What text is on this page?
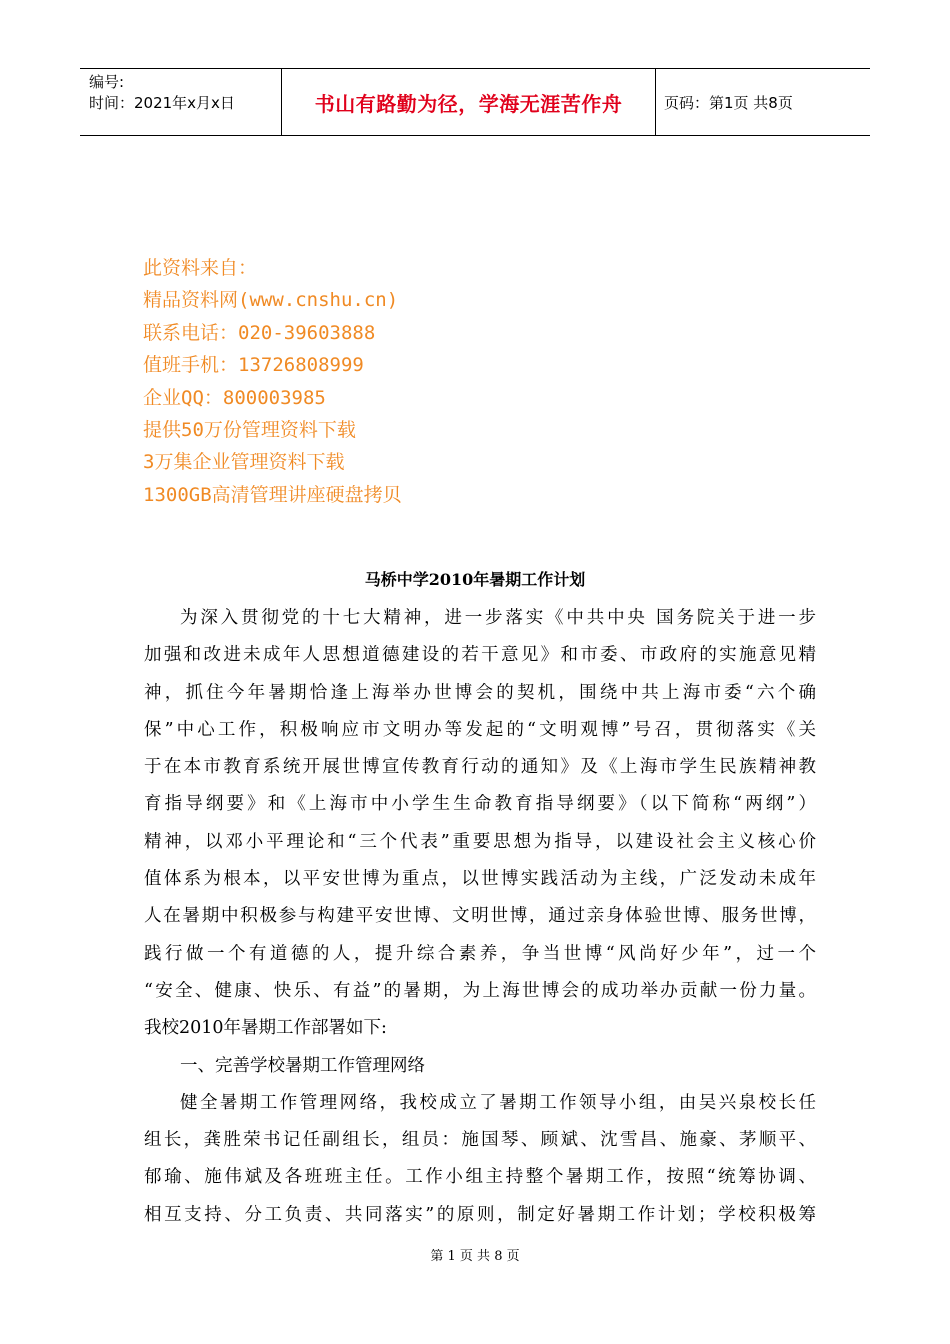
编号:
时间：2021年x月x日	书山有路勤为径，学海无涯苦作舟	页码：第1页 共8页
此资料来自：
精品资料网(www.cnshu.cn)
联系电话：020-39603888
值班手机：13726808999
企业QQ：800003985
提供50万份管理资料下载
3万集企业管理资料下载
1300GB高清管理讲座硬盘拷贝
马桥中学2010年暑期工作计划
为深入贯彻党的十七大精神，进一步落实《中共中央 国务院关于进一步
加强和改进未成年人思想道德建设的若干意见》和市委、市政府的实施意见精
神，抓住今年暑期恰逢上海举办世博会的契机，围绕中共上海市委“六个确
保”中心工作，积极响应市文明办等发起的“文明观博”号召，贯彻落实《关
于在本市教育系统开展世博宣传教育行动的通知》及《上海市学生民族精神教
育指导纲要》和《上海市中小学生生命教育指导纲要》（以下简称“两纲”）
精神，以邓小平理论和“三个代表”重要思想为指导，以建设社会主义核心价
值体系为根本，以平安世博为重点，以世博实践活动为主线，广泛发动未成年
人在暑期中积极参与构建平安世博、文明世博，通过亲身体验世博、服务世博，
践行做一个有道德的人，提升综合素养，争当世博“风尚好少年”，过一个
“安全、健康、快乐、有益”的暑期，为上海世博会的成功举办贡献一份力量。
我校2010年暑期工作部署如下:
一、完善学校暑期工作管理网络
健全暑期工作管理网络，我校成立了暑期工作领导小组，由吴兴泉校长任
组长，龚胜荣书记任副组长，组员：施国琴、顾斌、沈雪昌、施豪、茅顺平、
郁瑜、施伟斌及各班班主任。工作小组主持整个暑期工作，按照“统筹协调、
相互支持、分工负责、共同落实”的原则，制定好暑期工作计划；学校积极筹
第 1 页 共 8 页
